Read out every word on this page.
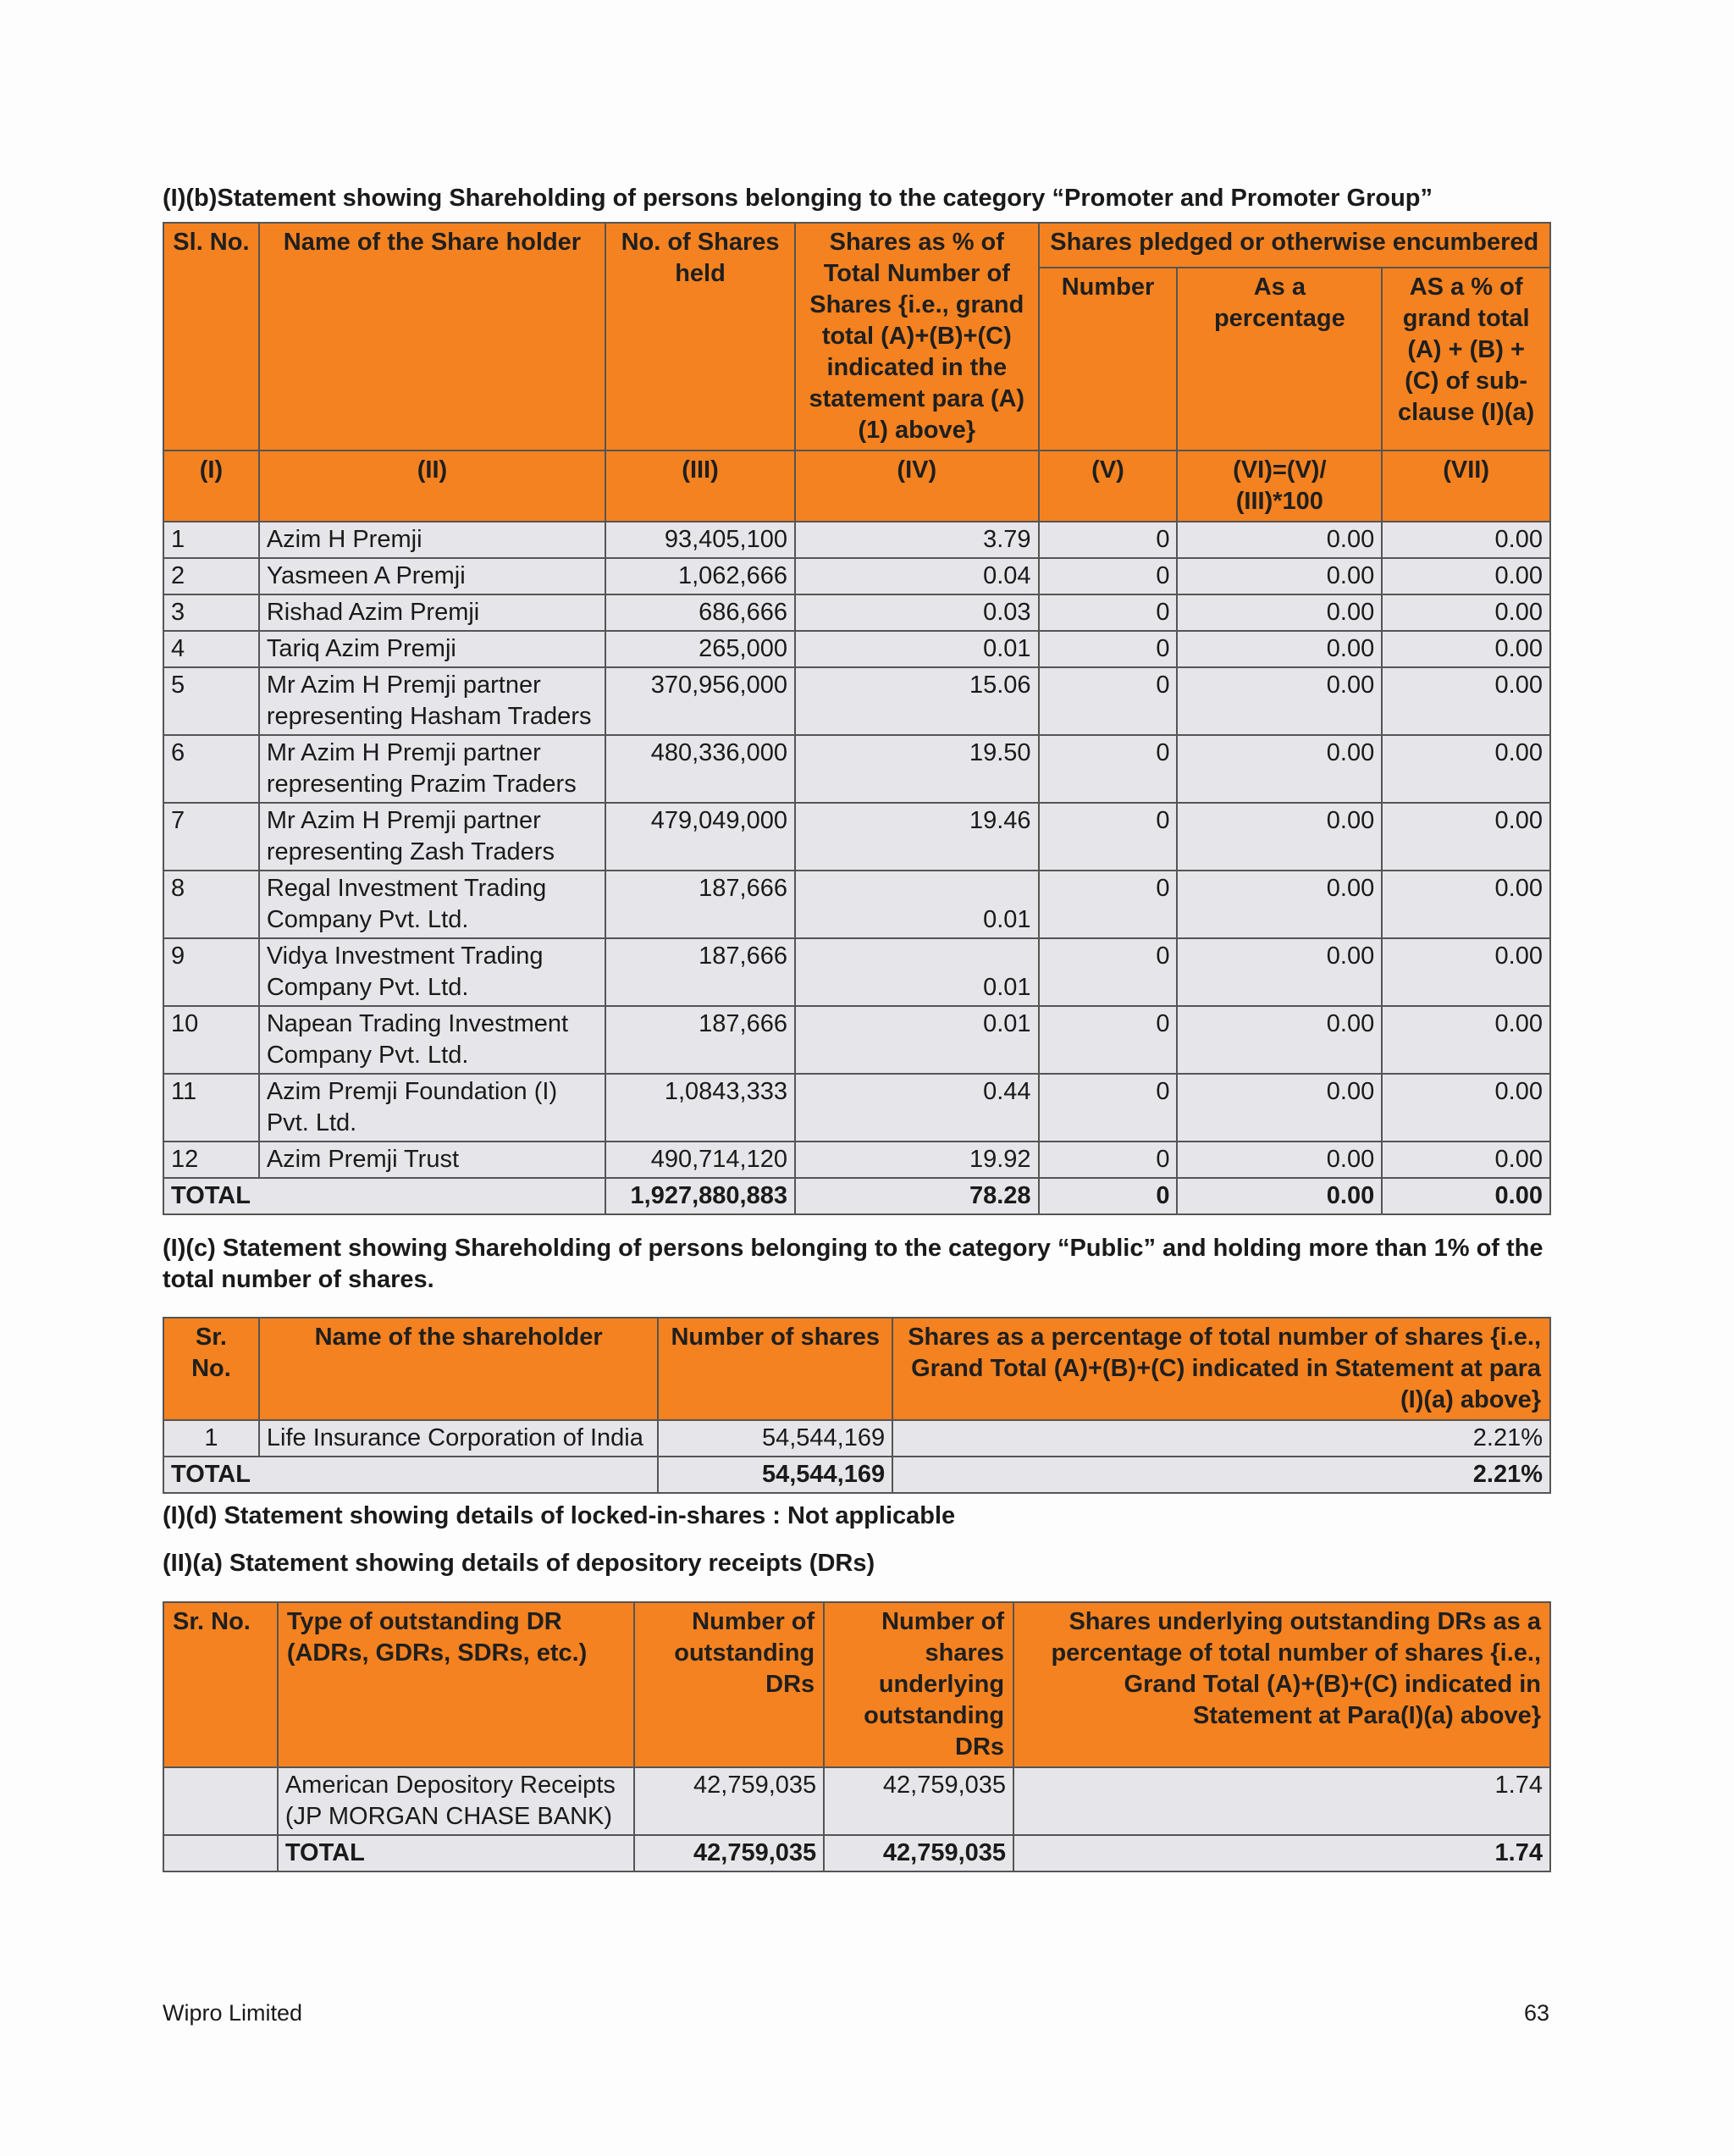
(I)(b)Statement showing Shareholding of persons belonging to the category “Promoter and Promoter Group”
Sl. No.	Name of the Share holder	No. of Shares held	Shares as % of Total Number of Shares {i.e., grand total (A)+(B)+(C) indicated in the statement para (A) (1) above}	Shares pledged or otherwise encumbered		
				Number	As a percentage	AS a % of grand total (A) + (B) + (C) of sub-clause (I)(a)
(I)	(II)	(III)	(IV)	(V)	(VI)=(V)/ (III)*100	(VII)
1	Azim H Premji	93,405,100	3.79	0	0.00	0.00
2	Yasmeen A Premji	1,062,666	0.04	0	0.00	0.00
3	Rishad Azim Premji	686,666	0.03	0	0.00	0.00
4	Tariq Azim Premji	265,000	0.01	0	0.00	0.00
5	Mr Azim H Premji partner representing Hasham Traders	370,956,000	15.06	0	0.00	0.00
6	Mr Azim H Premji partner representing Prazim Traders	480,336,000	19.50	0	0.00	0.00
7	Mr Azim H Premji partner representing Zash Traders	479,049,000	19.46	0	0.00	0.00
8	Regal Investment Trading Company Pvt. Ltd.	187,666	0.01	0	0.00	0.00
9	Vidya Investment Trading Company Pvt. Ltd.	187,666	0.01	0	0.00	0.00
10	Napean Trading Investment Company Pvt. Ltd.	187,666	0.01	0	0.00	0.00
11	Azim Premji Foundation (I) Pvt. Ltd.	1,0843,333	0.44	0	0.00	0.00
12	Azim Premji Trust	490,714,120	19.92	0	0.00	0.00
TOTAL		1,927,880,883	78.28	0	0.00	0.00
(I)(c) Statement showing Shareholding of persons belonging to the category “Public” and holding more than 1% of the total number of shares.
Sr. No.	Name of the shareholder	Number of shares	Shares as a percentage of total number of shares {i.e., Grand Total (A)+(B)+(C) indicated in Statement at para (I)(a) above}
1	Life Insurance Corporation of India	54,544,169	2.21%
TOTAL		54,544,169	2.21%
(I)(d) Statement showing details of locked-in-shares : Not applicable
(II)(a) Statement showing details of depository receipts (DRs)
Sr. No.	Type of outstanding DR (ADRs, GDRs, SDRs, etc.)	Number of outstanding DRs	Number of shares underlying outstanding DRs	Shares underlying outstanding DRs as a percentage of total number of shares {i.e., Grand Total (A)+(B)+(C) indicated in Statement at Para(I)(a) above}
	American Depository Receipts (JP MORGAN CHASE BANK)	42,759,035	42,759,035	1.74
	TOTAL	42,759,035	42,759,035	1.74
Wipro Limited	63
